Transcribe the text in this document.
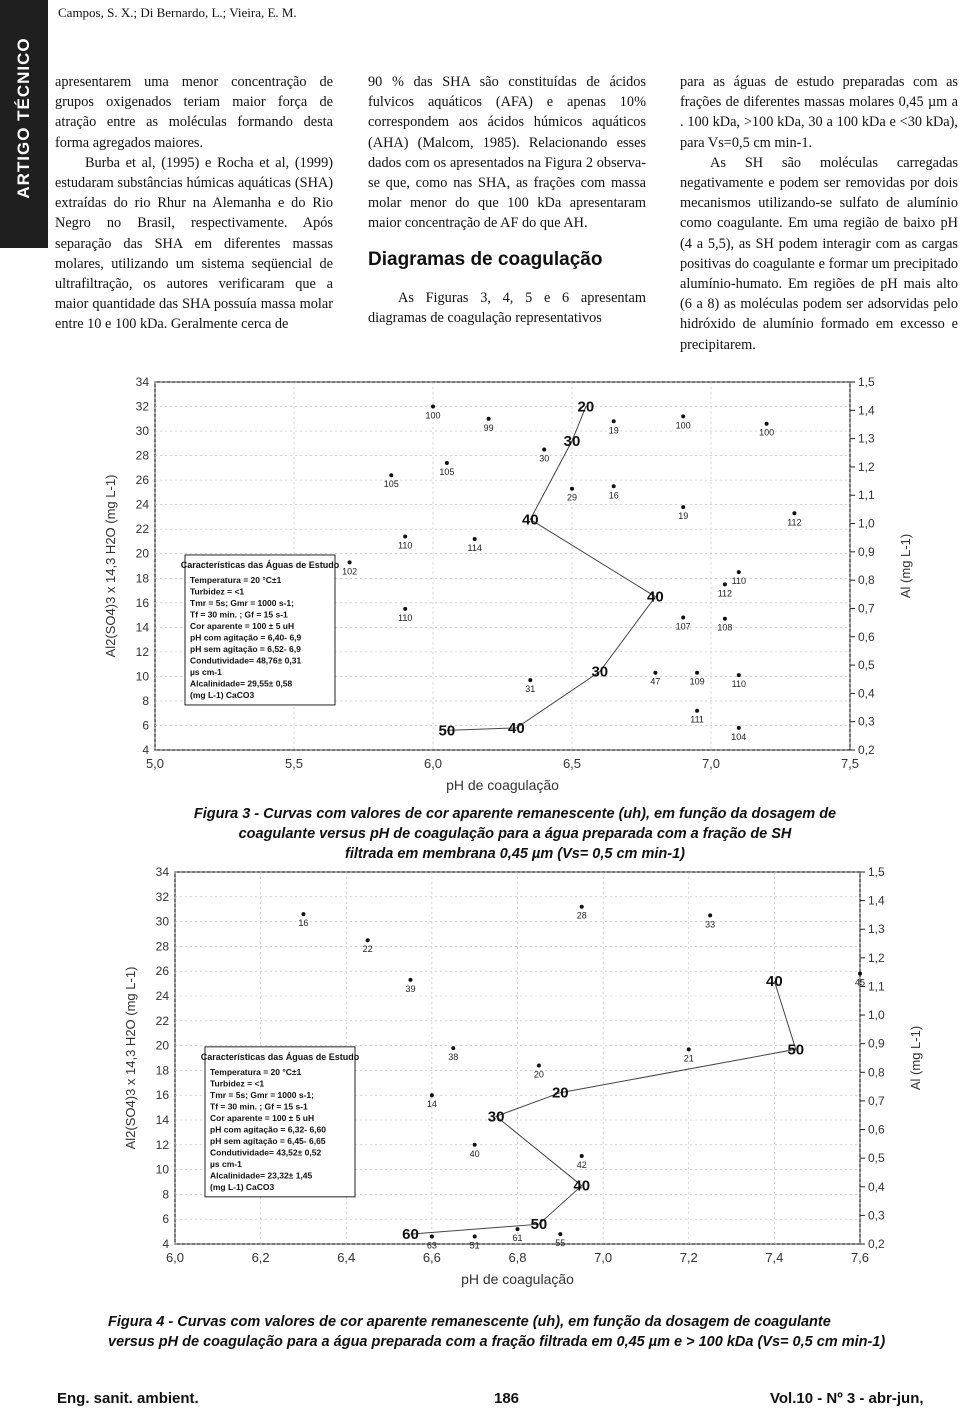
ARTIGO TÉCNICO
Campos, S. X.; Di Bernardo, L.; Vieira, E. M.

apresentarem uma menor concentração de grupos oxigenados teriam maior força de atração entre as moléculas formando desta forma agregados maiores.

Burba et al, (1995) e Rocha et al, (1999) estudaram substâncias húmicas aquáticas (SHA) extraídas do rio Rhur na Alemanha e do Rio Negro no Brasil, respectivamente. Após separação das SHA em diferentes massas molares, utilizando um sistema seqüencial de ultrafiltração, os autores verificaram que a maior quantidade das SHA possuía massa molar entre 10 e 100 kDa. Geralmente cerca de

90 % das SHA são constituídas de ácidos fulvicos aquáticos (AFA) e apenas 10% correspondem aos ácidos húmicos aquáticos (AHA) (Malcom, 1985). Relacionando esses dados com os apresentados na Figura 2 observa-se que, como nas SHA, as frações com massa molar menor do que 100 kDa apresentaram maior concentração de AF do que AH.

Diagramas de coagulação

As Figuras 3, 4, 5 e 6 apresentam diagramas de coagulação representativos

para as águas de estudo preparadas com as frações de diferentes massas molares 0,45 µm a . 100 kDa, >100 kDa, 30 a 100 kDa e <30 kDa), para Vs=0,5 cm min-1.

As SH são moléculas carregadas negativamente e podem ser removidas por dois mecanismos utilizando-se sulfato de alumínio como coagulante. Em uma região de baixo pH (4 a 5,5), as SH podem interagir com as cargas positivas do coagulante e formar um precipitado alumínio-humato. Em regiões de pH mais alto (6 a 8) as moléculas podem ser adsorvidas pelo hidróxido de alumínio formado em excesso e precipitarem.

4
6
8
10
12
14
16
18
20
22
24
26
28
30
32
34
5,0	5,5	6,0	6,5	7,0	7,5
0,2
0,3
0,4
0,5
0,6
0,7
0,8
0,9
1,0
1,1
1,2
1,3
1,4
1,5
pH de coagulação
Al2(SO4)3 x 14,3 H2O (mg L-1)	Al (mg L-1)
20
30
40
40
30
50	40
100
99	19	100
100
30
105
105
29	16
19
112
110	114
110
112
102
110
108
107
31
47	109	110
111
104
Características das Águas de Estudo
Temperatura = 20 °C±1
Turbidez = <1
Tmr = 5s; Gmr = 1000 s-1;
Tf = 30 min. ; Gf = 15 s-1
Cor aparente = 100 ± 5 uH
pH com agitação = 6,40- 6,9
pH sem agitação = 6,52- 6,9
Condutividade= 48,76± 0,31
µs cm-1
Alcalinidade= 29,55± 0,58
(mg L-1) CaCO3
Figura 3 - Curvas com valores de cor aparente remanescente (uh), em função da dosagem de
coagulante versus pH de coagulação para a água preparada com a fração de SH
filtrada em membrana 0,45 µm (Vs= 0,5 cm min-1)
4
6
8
10
12
14
16
18
20
22
24
26
28
30
32
34
6,0	6,2	6,4	6,6	6,8	7,0	7,2	7,4	7,6
0,2
0,3
0,4
0,5
0,6
0,7
0,8
0,9
1,0
1,1
1,2
1,3
1,4
1,5
pH de coagulação
Al2(SO4)3 x 14,3 H2O (mg L-1)	Al (mg L-1)
40
50
20
30
40
60
50
16
22
28
33
39
45
38	21
20
14
40
42
63	51
61	55
Características das Águas de Estudo
Temperatura = 20 °C±1
Turbidez = <1
Tmr = 5s; Gmr = 1000 s-1;
Tf = 30 min. ; Gf = 15 s-1
Cor aparente = 100 ± 5 uH
pH com agitação = 6,32- 6,60
pH sem agitação = 6,45- 6,65
Condutividade= 43,52± 0,52
µs cm-1
Alcalinidade= 23,32± 1,45
(mg L-1) CaCO3
Figura 4 - Curvas com valores de cor aparente remanescente (uh), em função da dosagem de coagulante
versus pH de coagulação para a água preparada com a fração filtrada em 0,45 µm e > 100 kDa (Vs= 0,5 cm min-1)
Eng. sanit. ambient.	186	Vol.10 - Nº 3 - abr-jun,
